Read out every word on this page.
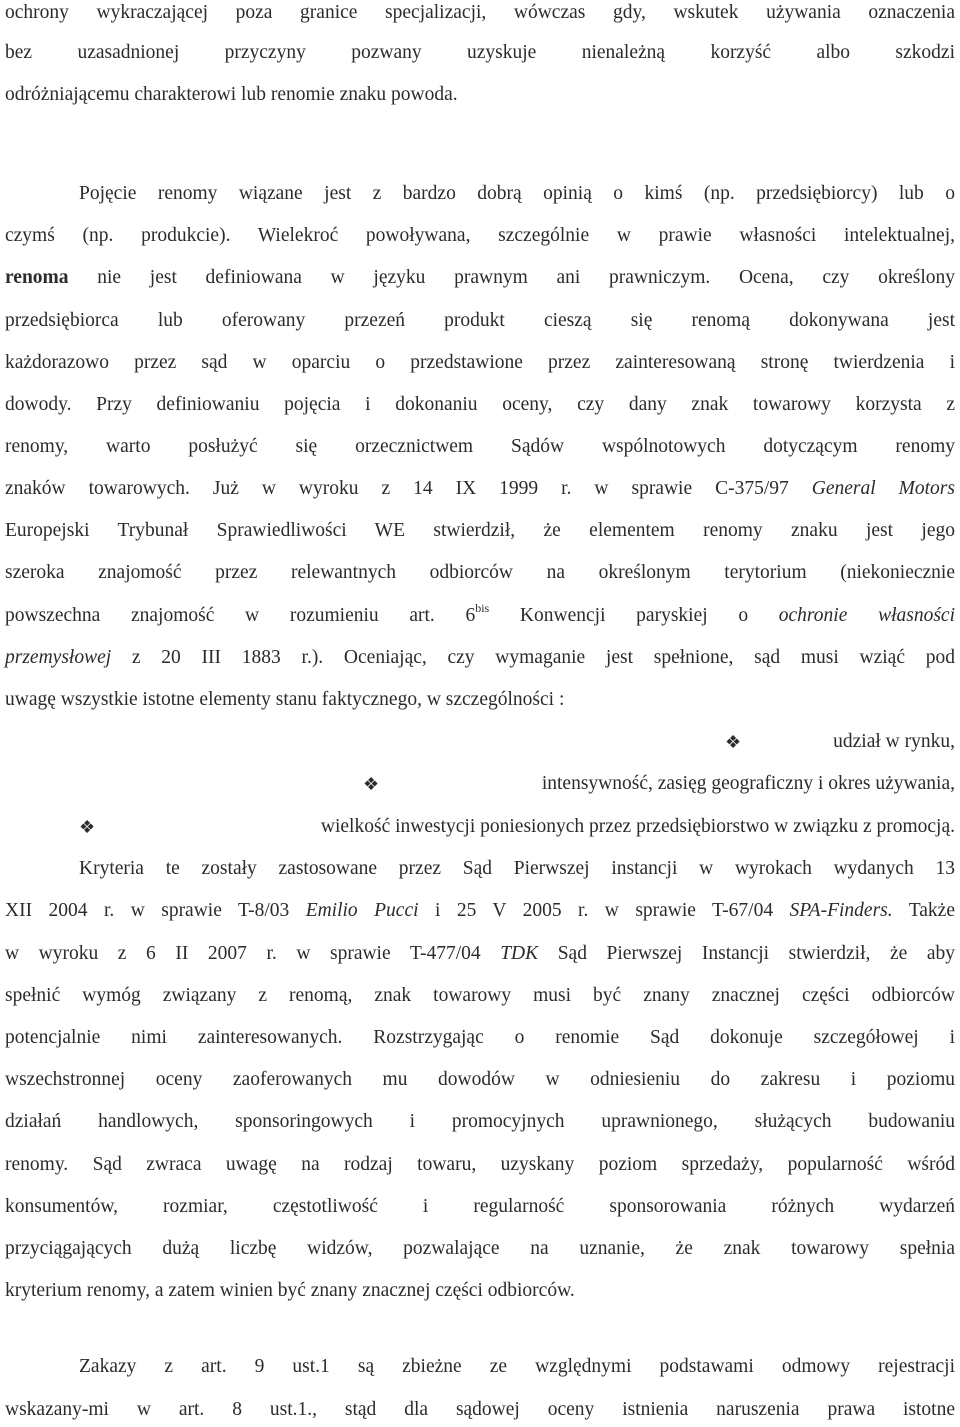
ochrony wykraczającej poza granice specjalizacji, wówczas gdy, wskutek używania oznaczenia
bez uzasadnionej przyczyny pozwany uzyskuje nienależną korzyść albo szkodzi
odróżniającemu charakterowi lub renomie znaku powoda.
Pojęcie renomy wiązane jest z bardzo dobrą opinią o kimś (np. przedsiębiorcy) lub o
czymś (np. produkcie). Wielekroć powoływana, szczególnie w prawie własności intelektualnej,
renoma nie jest definiowana w języku prawnym ani prawniczym. Ocena, czy określony
przedsiębiorca lub oferowany przezeń produkt cieszą się renomą dokonywana jest
każdorazowo przez sąd w oparciu o przedstawione przez zainteresowaną stronę twierdzenia i
dowody. Przy definiowaniu pojęcia i dokonaniu oceny, czy dany znak towarowy korzysta z
renomy, warto posłużyć się orzecznictwem Sądów wspólnotowych dotyczącym renomy
znaków towarowych. Już w wyroku z 14 IX 1999 r. w sprawie C-375/97 General Motors
Europejski Trybunał Sprawiedliwości WE stwierdził, że elementem renomy znaku jest jego
szeroka znajomość przez relewantnych odbiorców na określonym terytorium (niekoniecznie
powszechna znajomość w rozumieniu art. $6^{bis}$ Konwencji paryskiej o ochronie własności
przemysłowej z 20 III 1883 r.). Oceniając, czy wymaganie jest spełnione, sąd musi wziąć pod
uwagę wszystkie istotne elementy stanu faktycznego, w szczególności :
❖	udział w rynku,
❖	intensywność, zasięg geograficzny i okres używania,
❖	wielkość inwestycji poniesionych przez przedsiębiorstwo w związku z promocją.
Kryteria te zostały zastosowane przez Sąd Pierwszej instancji w wyrokach wydanych 13
XII 2004 r. w sprawie T-8/03 Emilio Pucci i 25 V 2005 r. w sprawie T-67/04 SPA-Finders. Także
w wyroku z 6 II 2007 r. w sprawie T-477/04 TDK Sąd Pierwszej Instancji stwierdził, że aby
spełnić wymóg związany z renomą, znak towarowy musi być znany znacznej części odbiorców
potencjalnie nimi zainteresowanych. Rozstrzygając o renomie Sąd dokonuje szczegółowej i
wszechstronnej oceny zaoferowanych mu dowodów w odniesieniu do zakresu i poziomu
działań handlowych, sponsoringowych i promocyjnych uprawnionego, służących budowaniu
renomy. Sąd zwraca uwagę na rodzaj towaru, uzyskany poziom sprzedaży, popularność wśród
konsumentów, rozmiar, częstotliwość i regularność sponsorowania różnych wydarzeń
przyciągających dużą liczbę widzów, pozwalające na uznanie, że znak towarowy spełnia
kryterium renomy, a zatem winien być znany znacznej części odbiorców.
Zakazy z art. 9 ust.1 są zbieżne ze względnymi podstawami odmowy rejestracji
wskazany-mi w art. 8 ust.1., stąd dla sądowej oceny istnienia naruszenia prawa istotne
